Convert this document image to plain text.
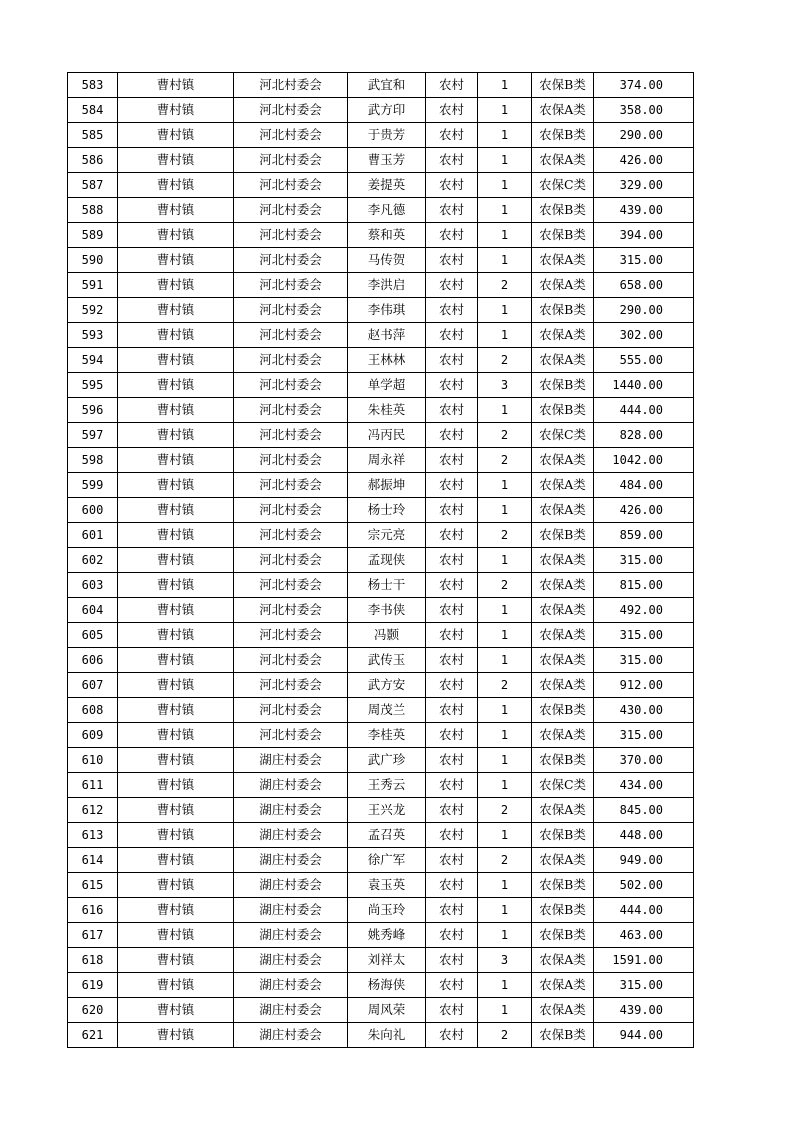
583	曹村镇	河北村委会	武宜和	农村	1	农保B类	374.00
584	曹村镇	河北村委会	武方印	农村	1	农保A类	358.00
585	曹村镇	河北村委会	于贵芳	农村	1	农保B类	290.00
586	曹村镇	河北村委会	曹玉芳	农村	1	农保A类	426.00
587	曹村镇	河北村委会	姜提英	农村	1	农保C类	329.00
588	曹村镇	河北村委会	李凡德	农村	1	农保B类	439.00
589	曹村镇	河北村委会	蔡和英	农村	1	农保B类	394.00
590	曹村镇	河北村委会	马传贺	农村	1	农保A类	315.00
591	曹村镇	河北村委会	李洪启	农村	2	农保A类	658.00
592	曹村镇	河北村委会	李伟琪	农村	1	农保B类	290.00
593	曹村镇	河北村委会	赵书萍	农村	1	农保A类	302.00
594	曹村镇	河北村委会	王林林	农村	2	农保A类	555.00
595	曹村镇	河北村委会	单学超	农村	3	农保B类	1440.00
596	曹村镇	河北村委会	朱桂英	农村	1	农保B类	444.00
597	曹村镇	河北村委会	冯丙民	农村	2	农保C类	828.00
598	曹村镇	河北村委会	周永祥	农村	2	农保A类	1042.00
599	曹村镇	河北村委会	郝振坤	农村	1	农保A类	484.00
600	曹村镇	河北村委会	杨士玲	农村	1	农保A类	426.00
601	曹村镇	河北村委会	宗元亮	农村	2	农保B类	859.00
602	曹村镇	河北村委会	孟现侠	农村	1	农保A类	315.00
603	曹村镇	河北村委会	杨士干	农村	2	农保A类	815.00
604	曹村镇	河北村委会	李书侠	农村	1	农保A类	492.00
605	曹村镇	河北村委会	冯颢	农村	1	农保A类	315.00
606	曹村镇	河北村委会	武传玉	农村	1	农保A类	315.00
607	曹村镇	河北村委会	武方安	农村	2	农保A类	912.00
608	曹村镇	河北村委会	周茂兰	农村	1	农保B类	430.00
609	曹村镇	河北村委会	李桂英	农村	1	农保A类	315.00
610	曹村镇	湖庄村委会	武广珍	农村	1	农保B类	370.00
611	曹村镇	湖庄村委会	王秀云	农村	1	农保C类	434.00
612	曹村镇	湖庄村委会	王兴龙	农村	2	农保A类	845.00
613	曹村镇	湖庄村委会	孟召英	农村	1	农保B类	448.00
614	曹村镇	湖庄村委会	徐广军	农村	2	农保A类	949.00
615	曹村镇	湖庄村委会	袁玉英	农村	1	农保B类	502.00
616	曹村镇	湖庄村委会	尚玉玲	农村	1	农保B类	444.00
617	曹村镇	湖庄村委会	姚秀峰	农村	1	农保B类	463.00
618	曹村镇	湖庄村委会	刘祥太	农村	3	农保A类	1591.00
619	曹村镇	湖庄村委会	杨海侠	农村	1	农保A类	315.00
620	曹村镇	湖庄村委会	周风荣	农村	1	农保A类	439.00
621	曹村镇	湖庄村委会	朱向礼	农村	2	农保B类	944.00
